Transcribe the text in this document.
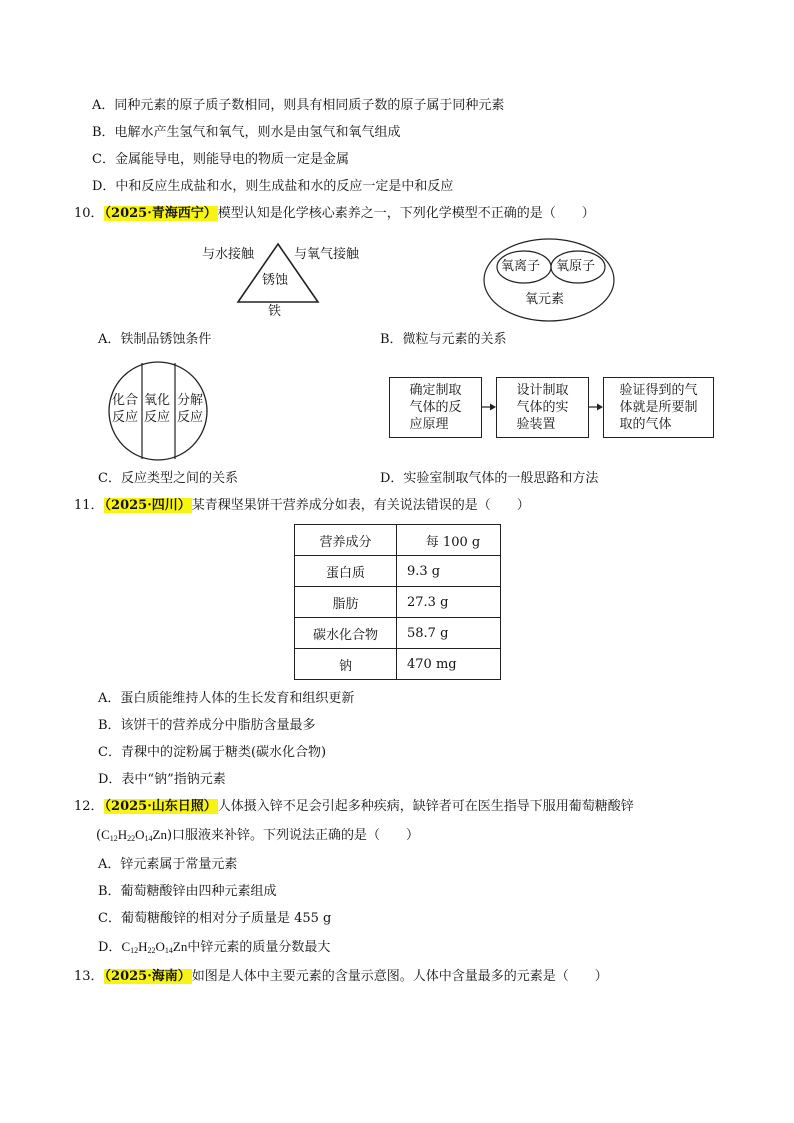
A．同种元素的原子质子数相同，则具有相同质子数的原子属于同种元素
B．电解水产生氢气和氧气，则水是由氢气和氧气组成
C．金属能导电，则能导电的物质一定是金属
D．中和反应生成盐和水，则生成盐和水的反应一定是中和反应
10．（2025·青海西宁）模型认知是化学核心素养之一，下列化学模型不正确的是（　　）
与水接触	与氧气接触
锈蚀
铁
氧离子 氧原子
氧元素
A．铁制品锈蚀条件	B．微粒与元素的关系
化合
反应
氧化
反应
分解
反应
确定制取
气体的反
应原理
设计制取
气体的实
验装置
验证得到的气
体就是所要制
取的气体
C．反应类型之间的关系	D．实验室制取气体的一般思路和方法
11．（2025·四川）某青稞坚果饼干营养成分如表，有关说法错误的是（　　）
营养成分	每 100 g
蛋白质	9.3 g
脂肪	27.3 g
碳水化合物	58.7 g
钠	470 mg
A．蛋白质能维持人体的生长发育和组织更新
B．该饼干的营养成分中脂肪含量最多
C．青稞中的淀粉属于糖类(碳水化合物)
D．表中“钠”指钠元素
12．（2025·山东日照）人体摄入锌不足会引起多种疾病，缺锌者可在医生指导下服用葡萄糖酸锌
$(C_{12}H_{22}O_{14}Zn)$口服液来补锌。下列说法正确的是（　　）
A．锌元素属于常量元素
B．葡萄糖酸锌由四种元素组成
C．葡萄糖酸锌的相对分子质量是 455 g
D．$C_{12}H_{22}O_{14}Zn$中锌元素的质量分数最大
13．（2025·海南）如图是人体中主要元素的含量示意图。人体中含量最多的元素是（　　）
